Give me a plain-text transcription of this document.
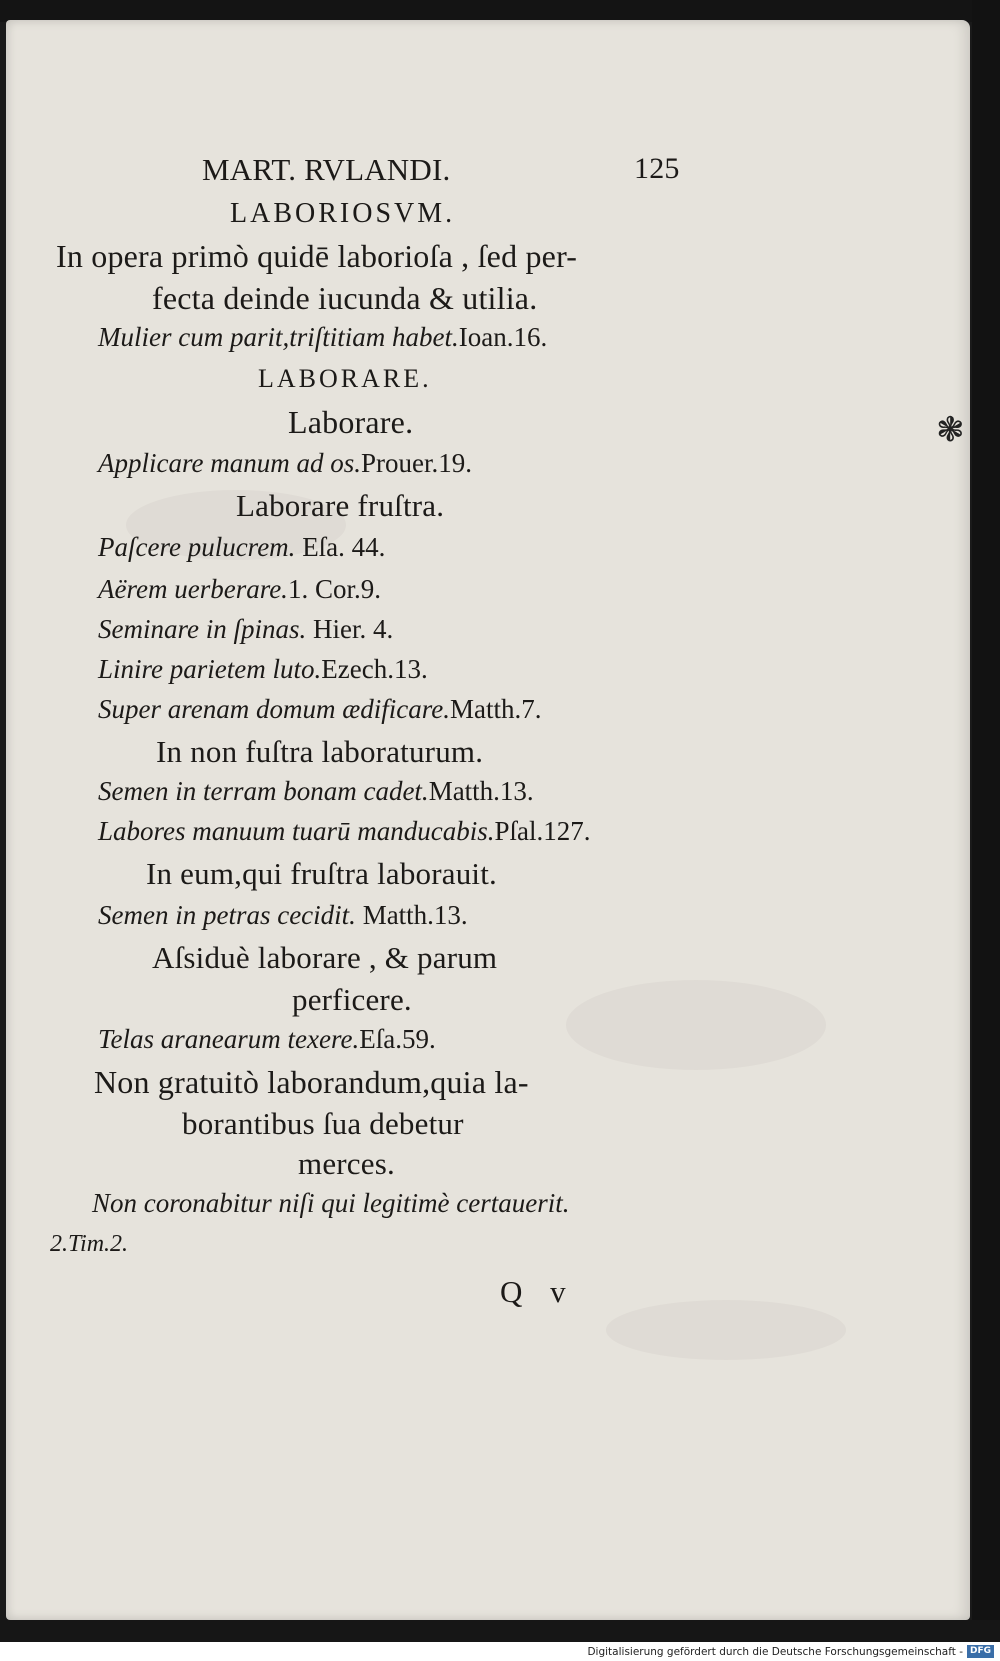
MART. RVLANDI.	125
LABORIOSVM.
In opera primò quidē laborioſa , ſed per-
fecta deinde iucunda & utilia.
Mulier cum parit,triſtitiam habet.Ioan.16.
LABORARE.
Laborare.
Applicare manum ad os.Prouer.19.
Laborare fruſtra.
Paſcere pulucrem. Eſa. 44.
Aërem uerberare.1. Cor.9.
Seminare in ſpinas. Hier. 4.
Linire parietem luto.Ezech.13.
Super arenam domum ædificare.Matth.7.
In non fuſtra laboraturum.
Semen in terram bonam cadet.Matth.13.
Labores manuum tuarū manducabis.Pſal.127.
In eum,qui fruſtra laborauit.
Semen in petras cecidit. Matth.13.
Aſsiduè laborare , & parum
perficere.
Telas aranearum texere.Eſa.59.
Non gratuitò laborandum,quia la-
borantibus ſua debetur
merces.
Non coronabitur niſi qui legitimè certauerit.
2.Tim.2.
Q v
❃
Digitalisierung gefördert durch die Deutsche Forschungsgemeinschaft - DFG
